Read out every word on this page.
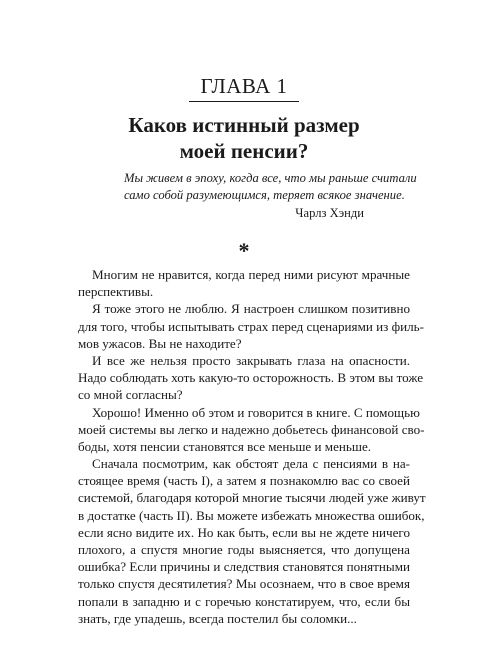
ГЛАВА 1
Каков истинный размер
моей пенсии?
Мы живем в эпоху, когда все, что мы раньше считали
само собой разумеющимся, теряет всякое значение.
Чарлз Хэнди
*
Многим не нравится, когда перед ними рисуют мрачные
перспективы.
Я тоже этого не люблю. Я настроен слишком позитивно
для того, чтобы испытывать страх перед сценариями из филь-
мов ужасов. Вы не находите?
И все же нельзя просто закрывать глаза на опасности.
Надо соблюдать хоть какую-то осторожность. В этом вы тоже
со мной согласны?
Хорошо! Именно об этом и говорится в книге. С помощью
моей системы вы легко и надежно добьетесь финансовой сво-
боды, хотя пенсии становятся все меньше и меньше.
Сначала посмотрим, как обстоят дела с пенсиями в на-
стоящее время (часть I), а затем я познакомлю вас со своей
системой, благодаря которой многие тысячи людей уже живут
в достатке (часть II). Вы можете избежать множества ошибок,
если ясно видите их. Но как быть, если вы не ждете ничего
плохого, а спустя многие годы выясняется, что допущена
ошибка? Если причины и следствия становятся понятными
только спустя десятилетия? Мы осознаем, что в свое время
попали в западню и с горечью констатируем, что, если бы
знать, где упадешь, всегда постелил бы соломки...
